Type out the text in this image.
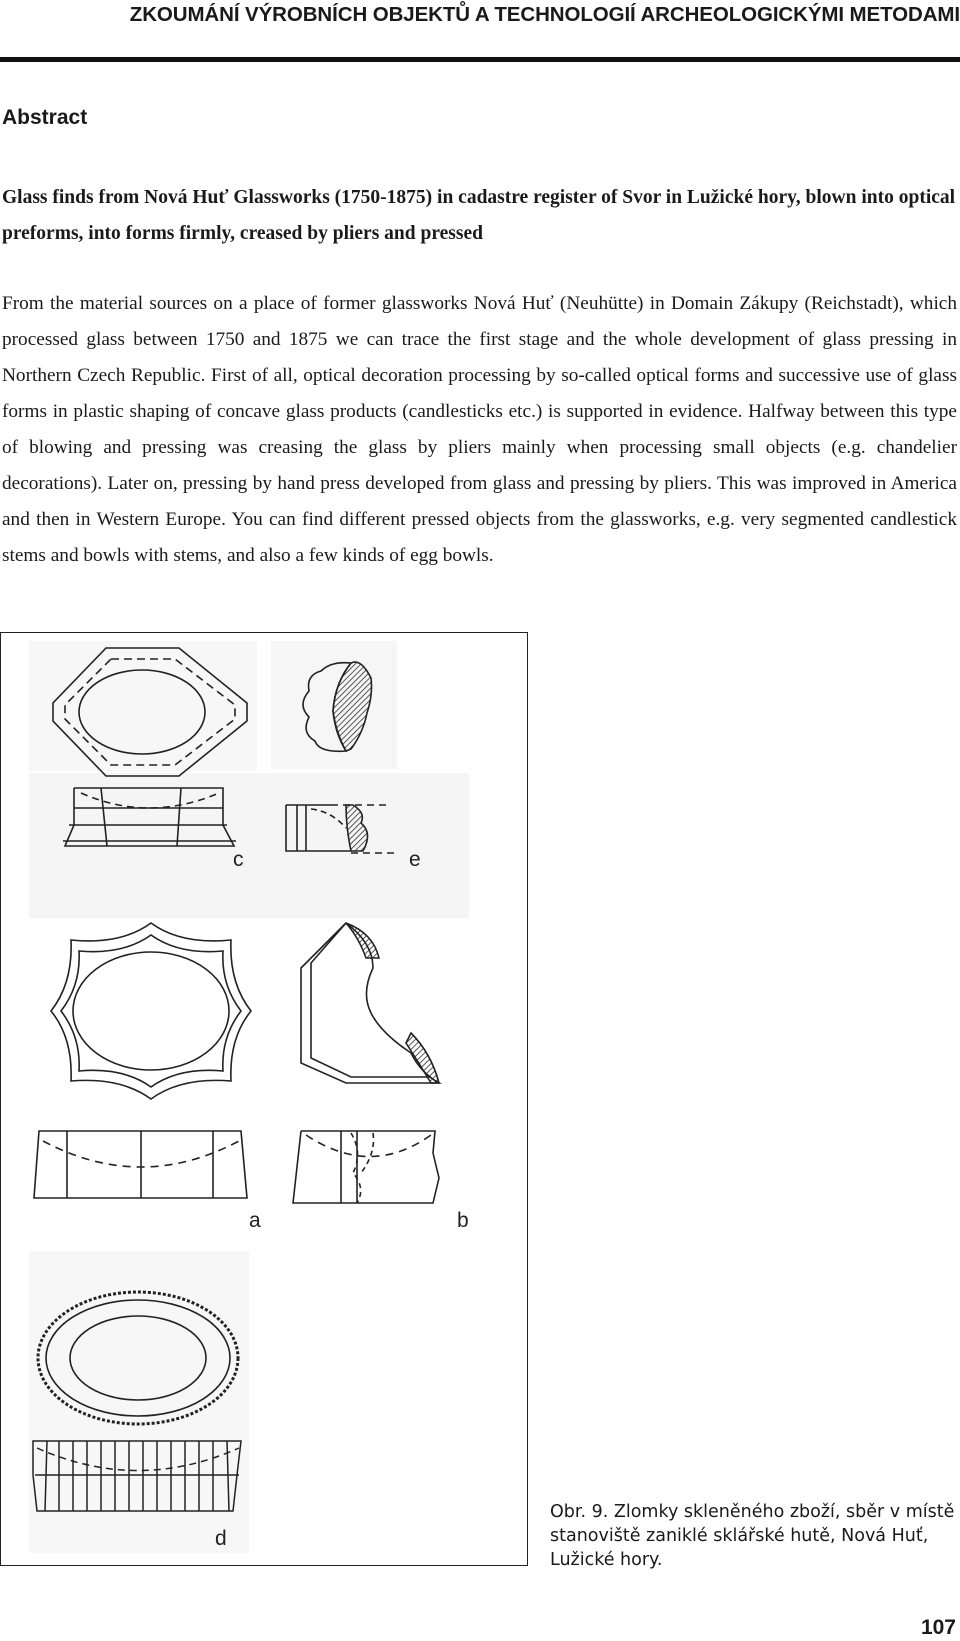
ZKOUMÁNÍ VÝROBNÍCH OBJEKTŮ A TECHNOLOGIÍ ARCHEOLOGICKÝMI METODAMI
Abstract
Glass finds from Nová Huť Glassworks (1750-1875) in cadastre register of Svor in Lužické hory, blown into optical preforms, into forms firmly, creased by pliers and pressed
From the material sources on a place of former glassworks Nová Huť (Neuhütte) in Domain Zákupy (Reichstadt), which processed glass between 1750 and 1875 we can trace the first stage and the whole development of glass pressing in Northern Czech Republic. First of all, optical decoration processing by so-called optical forms and successive use of glass forms in plastic shaping of concave glass products (candlesticks etc.) is supported in evidence. Halfway between this type of blowing and pressing was creasing the glass by pliers mainly when processing small objects (e.g. chandelier decorations). Later on, pressing by hand press developed from glass and pressing by pliers. This was improved in America and then in Western Europe. You can find different pressed objects from the glassworks, e.g. very segmented candlestick stems and bowls with stems, and also a few kinds of egg bowls.
c	e
a	b
d
Obr. 9. Zlomky skleněného zboží, sběr v místě stanoviště zaniklé sklářské hutě, Nová Huť, Lužické hory.
107
